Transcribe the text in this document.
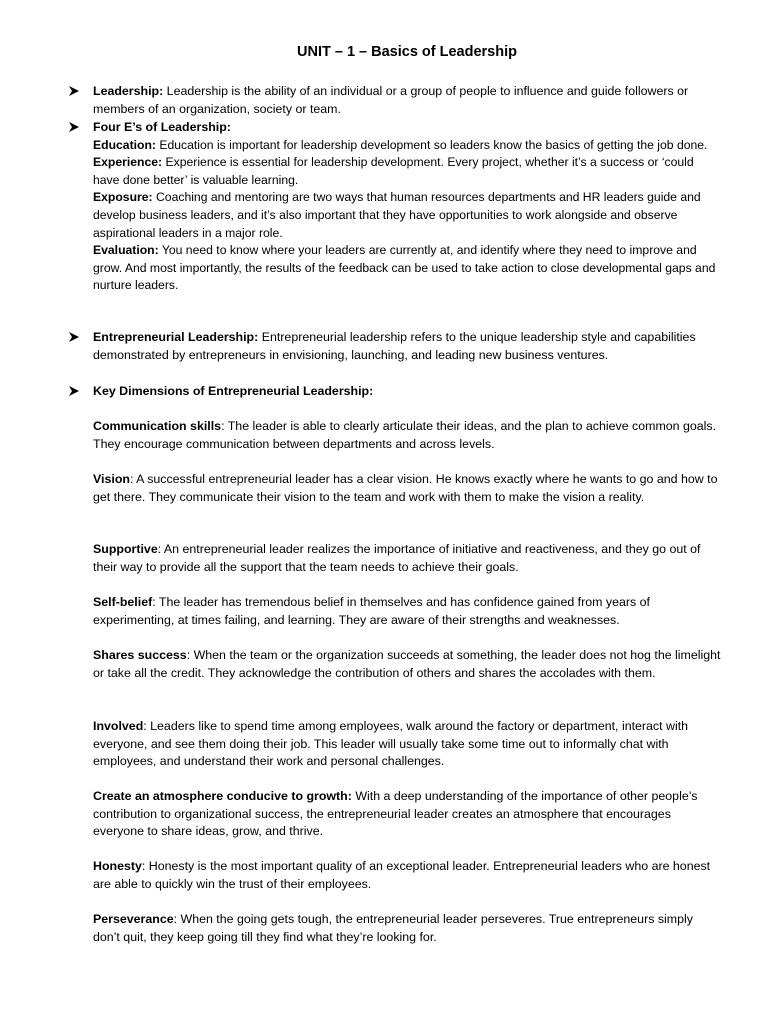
UNIT – 1 – Basics of Leadership

Leadership: Leadership is the ability of an individual or a group of people to influence and guide followers or members of an organization, society or team.

Four E’s of Leadership:

Education: Education is important for leadership development so leaders know the basics of getting the job done.

Experience: Experience is essential for leadership development. Every project, whether it’s a success or ‘could have done better’ is valuable learning.

Exposure: Coaching and mentoring are two ways that human resources departments and HR leaders guide and develop business leaders, and it’s also important that they have opportunities to work alongside and observe aspirational leaders in a major role.

Evaluation: You need to know where your leaders are currently at, and identify where they need to improve and grow. And most importantly, the results of the feedback can be used to take action to close developmental gaps and nurture leaders.

Entrepreneurial Leadership: Entrepreneurial leadership refers to the unique leadership style and capabilities demonstrated by entrepreneurs in envisioning, launching, and leading new business ventures.

Key Dimensions of Entrepreneurial Leadership:

Communication skills: The leader is able to clearly articulate their ideas, and the plan to achieve common goals. They encourage communication between departments and across levels.

Vision: A successful entrepreneurial leader has a clear vision. He knows exactly where he wants to go and how to get there. They communicate their vision to the team and work with them to make the vision a reality.

Supportive: An entrepreneurial leader realizes the importance of initiative and reactiveness, and they go out of their way to provide all the support that the team needs to achieve their goals.

Self-belief: The leader has tremendous belief in themselves and has confidence gained from years of experimenting, at times failing, and learning. They are aware of their strengths and weaknesses.

Shares success: When the team or the organization succeeds at something, the leader does not hog the limelight or take all the credit. They acknowledge the contribution of others and shares the accolades with them.

Involved: Leaders like to spend time among employees, walk around the factory or department, interact with everyone, and see them doing their job. This leader will usually take some time out to informally chat with employees, and understand their work and personal challenges.

Create an atmosphere conducive to growth: With a deep understanding of the importance of other people’s contribution to organizational success, the entrepreneurial leader creates an atmosphere that encourages everyone to share ideas, grow, and thrive.

Honesty: Honesty is the most important quality of an exceptional leader. Entrepreneurial leaders who are honest are able to quickly win the trust of their employees.

Perseverance: When the going gets tough, the entrepreneurial leader perseveres. True entrepreneurs simply don’t quit, they keep going till they find what they’re looking for.
